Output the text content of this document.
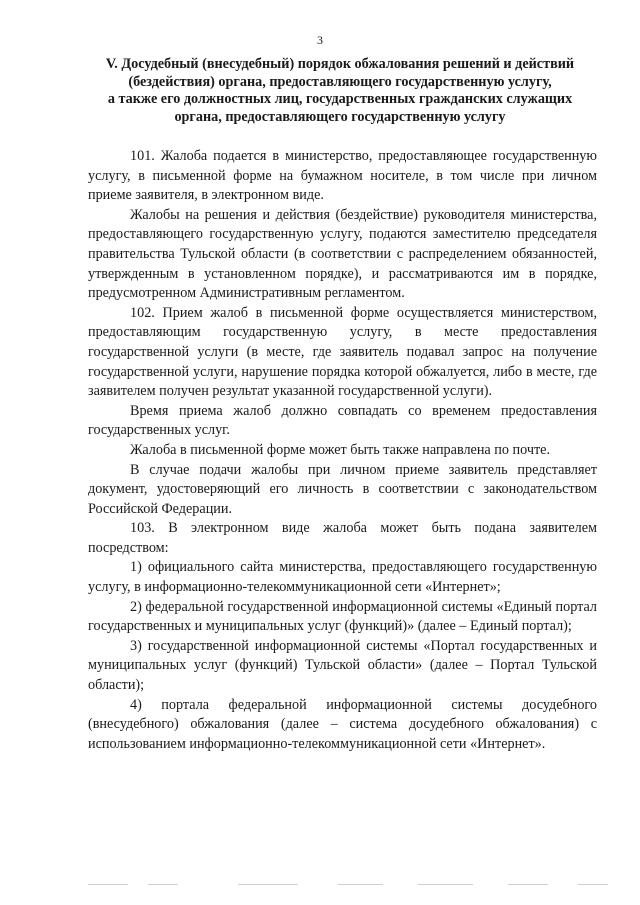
3
V. Досудебный (внесудебный) порядок обжалования решений и действий
(бездействия) органа, предоставляющего государственную услугу,
а также его должностных лиц, государственных гражданских служащих
органа, предоставляющего государственную услугу

101. Жалоба подается в министерство, предоставляющее государственную услугу, в письменной форме на бумажном носителе, в том числе при личном приеме заявителя, в электронном виде.

Жалобы на решения и действия (бездействие) руководителя министерства, предоставляющего государственную услугу, подаются заместителю председателя правительства Тульской области (в соответствии с распределением обязанностей, утвержденным в установленном порядке), и рассматриваются им в порядке, предусмотренном Административным регламентом.

102. Прием жалоб в письменной форме осуществляется министерством, предоставляющим государственную услугу, в месте предоставления государственной услуги (в месте, где заявитель подавал запрос на получение государственной услуги, нарушение порядка которой обжалуется, либо в месте, где заявителем получен результат указанной государственной услуги).

Время приема жалоб должно совпадать со временем предоставления государственных услуг.

Жалоба в письменной форме может быть также направлена по почте.

В случае подачи жалобы при личном приеме заявитель представляет документ, удостоверяющий его личность в соответствии с законодательством Российской Федерации.

103. В электронном виде жалоба может быть подана заявителем посредством:

1) официального сайта министерства, предоставляющего государственную услугу, в информационно-телекоммуникационной сети «Интернет»;

2) федеральной государственной информационной системы «Единый портал государственных и муниципальных услуг (функций)» (далее – Единый портал);

3) государственной информационной системы «Портал государственных и муниципальных услуг (функций) Тульской области» (далее – Портал Тульской области);

4) портала федеральной информационной системы досудебного (внесудебного) обжалования (далее – система досудебного обжалования) с использованием информационно-телекоммуникационной сети «Интернет».
